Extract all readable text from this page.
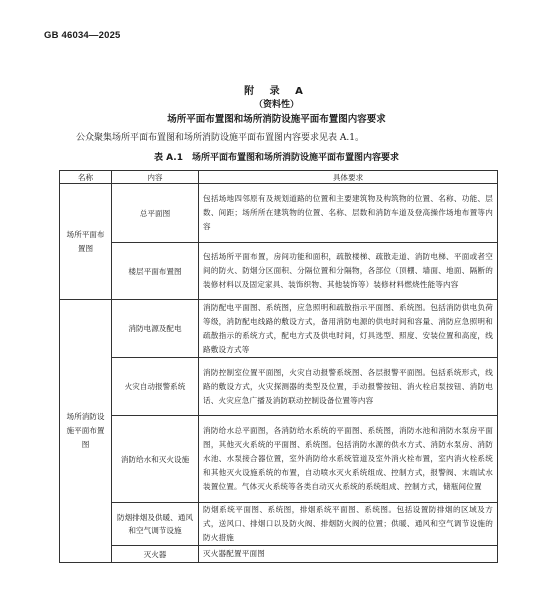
GB 46034—2025
附 录 A
（资料性）
场所平面布置图和场所消防设施平面布置图内容要求
公众聚集场所平面布置图和场所消防设施平面布置图内容要求见表 A.1。
表 A.1　场所平面布置图和场所消防设施平面布置图内容要求
名称	内容	具体要求
场所平面布置图	总平面图	包括场地四邻原有及规划道路的位置和主要建筑物及构筑物的位置、名称、功能、层数、间距；场所所在建筑物的位置、名称、层数和消防车道及登高操作场地布置等内容
	楼层平面布置图	包括场所平面布置，房间功能和面积，疏散楼梯、疏散走道、消防电梯、平面或者空间的防火、防烟分区面积、分隔位置和分隔物，各部位（顶棚、墙面、地面、隔断的装修材料以及固定家具、装饰织物、其他装饰等）装修材料燃烧性能等内容
场所消防设施平面布置图	消防电源及配电	消防配电平面图、系统图，应急照明和疏散指示平面图、系统图。包括消防供电负荷等级，消防配电线路的敷设方式，备用消防电源的供电时间和容量、消防应急照明和疏散指示的系统方式，配电方式及供电时间，灯具选型、照度、安装位置和高度，线路敷设方式等
	火灾自动报警系统	消防控制室位置平面图，火灾自动报警系统图、各层报警平面图。包括系统形式，线路的敷设方式，火灾探测器的类型及位置，手动报警按钮、消火栓启泵按钮、消防电话、火灾应急广播及消防联动控制设备位置等内容
	消防给水和灭火设施	消防给水总平面图，各消防给水系统的平面图、系统图，消防水池和消防水泵房平面图，其他灭火系统的平面图、系统图。包括消防水源的供水方式、消防水泵房、消防水池、水泵接合器位置，室外消防给水系统管道及室外消火栓布置，室内消火栓系统和其他灭火设施系统的布置，自动喷水灭火系统组成、控制方式，报警阀、末端试水装置位置。气体灭火系统等各类自动灭火系统的系统组成、控制方式，储瓶间位置
	防烟排烟及供暖、通风和空气调节设施	防烟系统平面图、系统图，排烟系统平面图、系统图。包括设置防排烟的区域及方式，送风口、排烟口以及防火阀、排烟防火阀的位置；供暖、通风和空气调节设施的防火措施
	灭火器	灭火器配置平面图
